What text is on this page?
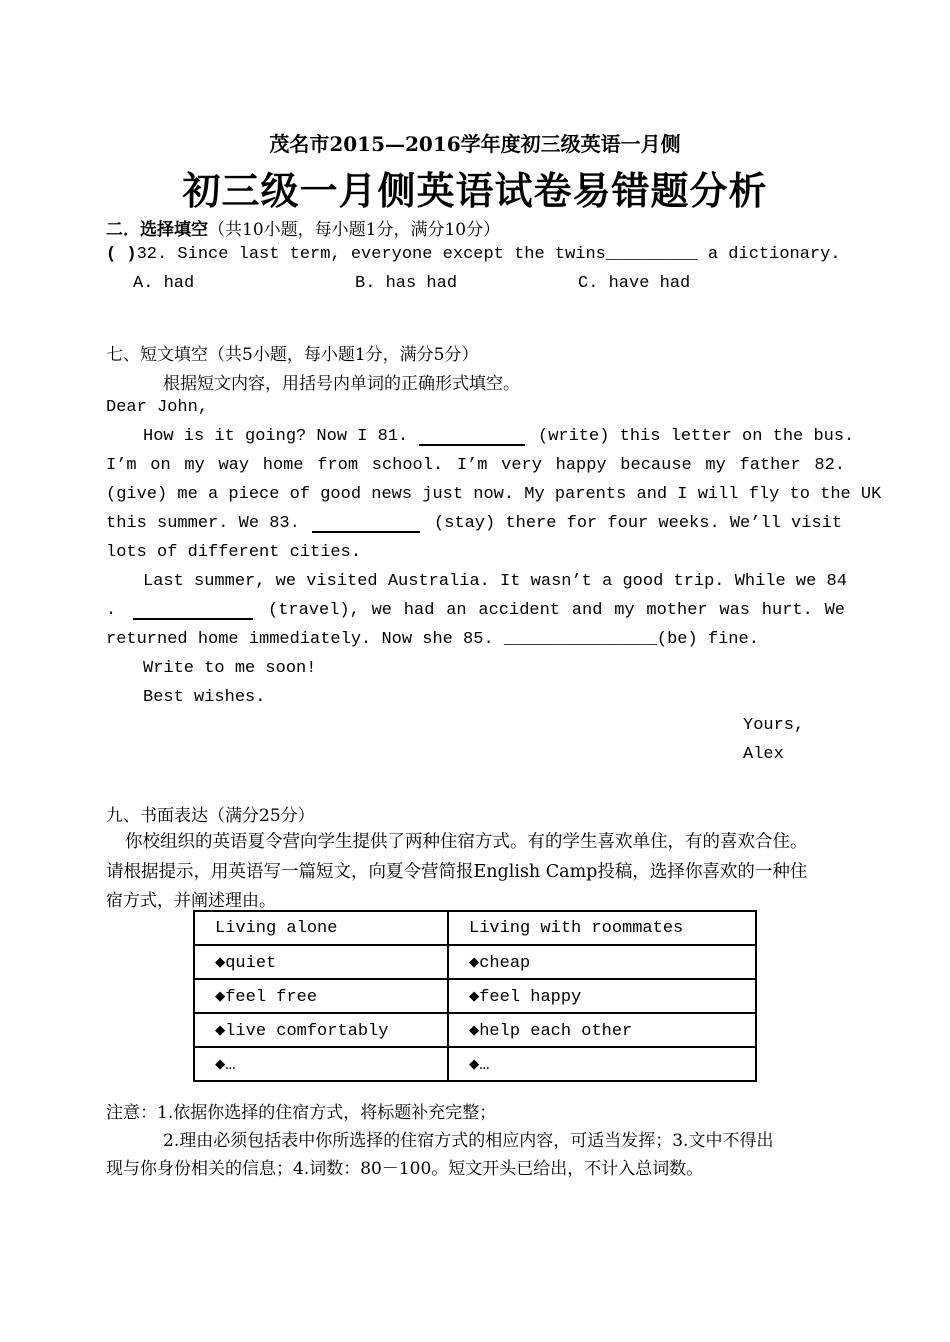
茂名市2015—2016学年度初三级英语一月侧
初三级一月侧英语试卷易错题分析
二．选择填空（共10小题，每小题1分，满分10分）
( )32. Since last term, everyone except the twins_________ a dictionary.
A. had	B. has had	C. have had
七、短文填空（共5小题，每小题1分，满分5分）
根据短文内容，用括号内单词的正确形式填空。
Dear John,
How is it going? Now I 81.	(write) this letter on the bus.
I’m on my way home from school. I’m very happy because my father 82.
(give) me a piece of good news just now. My parents and I will fly to the UK
this summer. We 83.	(stay) there for four weeks. We’ll visit
lots of different cities.
Last summer, we visited Australia. It wasn’t a good trip. While we 84
.	(travel), we had an accident and my mother was hurt. We
returned home immediately. Now she 85. _______________(be) fine.
Write to me soon!
Best wishes.
Yours,
Alex
九、书面表达（满分25分）
你校组织的英语夏令营向学生提供了两种住宿方式。有的学生喜欢单住，有的喜欢合住。
请根据提示，用英语写一篇短文，向夏令营简报English Camp投稿，选择你喜欢的一种住
宿方式，并阐述理由。
Living alone	Living with roommates
◆quiet	◆cheap
◆feel free	◆feel happy
◆live comfortably	◆help each other
◆…	◆…
注意：1.依据你选择的住宿方式，将标题补充完整；
2.理由必须包括表中你所选择的住宿方式的相应内容，可适当发挥；3.文中不得出
现与你身份相关的信息；4.词数：80－100。短文开头已给出，不计入总词数。
